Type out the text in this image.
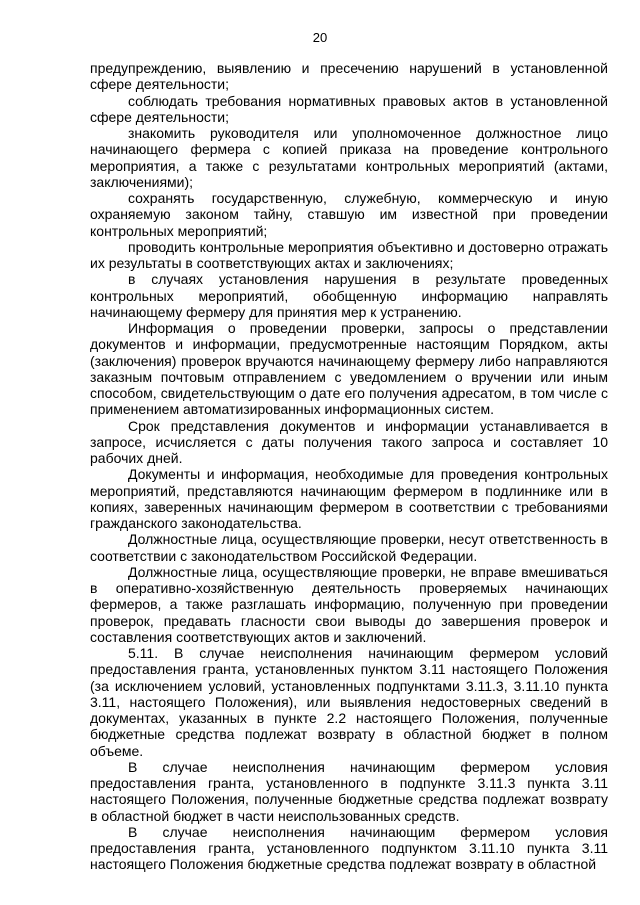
20

предупреждению, выявлению и пресечению нарушений в установленной сфере деятельности;

соблюдать требования нормативных правовых актов в установленной сфере деятельности;

знакомить руководителя или уполномоченное должностное лицо начинающего фермера с копией приказа на проведение контрольного мероприятия, а также с результатами контрольных мероприятий (актами, заключениями);

сохранять государственную, служебную, коммерческую и иную охраняемую законом тайну, ставшую им известной при проведении контрольных мероприятий;

проводить контрольные мероприятия объективно и достоверно отражать их результаты в соответствующих актах и заключениях;

в случаях установления нарушения в результате проведенных контрольных мероприятий, обобщенную информацию направлять начинающему фермеру для принятия мер к устранению.

Информация о проведении проверки, запросы о представлении документов и информации, предусмотренные настоящим Порядком, акты (заключения) проверок вручаются начинающему фермеру либо направляются заказным почтовым отправлением с уведомлением о вручении или иным способом, свидетельствующим о дате его получения адресатом, в том числе с применением автоматизированных информационных систем.

Срок представления документов и информации устанавливается в запросе, исчисляется с даты получения такого запроса и составляет 10 рабочих дней.

Документы и информация, необходимые для проведения контрольных мероприятий, представляются начинающим фермером в подлиннике или в копиях, заверенных начинающим фермером в соответствии с требованиями гражданского законодательства.

Должностные лица, осуществляющие проверки, несут ответственность в соответствии с законодательством Российской Федерации.

Должностные лица, осуществляющие проверки, не вправе вмешиваться в оперативно-хозяйственную деятельность проверяемых начинающих фермеров, а также разглашать информацию, полученную при проведении проверок, предавать гласности свои выводы до завершения проверок и составления соответствующих актов и заключений.

5.11. В случае неисполнения начинающим фермером условий предоставления гранта, установленных пунктом 3.11 настоящего Положения (за исключением условий, установленных подпунктами 3.11.3, 3.11.10 пункта 3.11, настоящего Положения), или выявления недостоверных сведений в документах, указанных в пункте 2.2 настоящего Положения, полученные бюджетные средства подлежат возврату в областной бюджет в полном объеме.

В случае неисполнения начинающим фермером условия предоставления гранта, установленного в подпункте 3.11.3 пункта 3.11 настоящего Положения, полученные бюджетные средства подлежат возврату в областной бюджет в части неиспользованных средств.

В случае неисполнения начинающим фермером условия предоставления гранта, установленного подпунктом 3.11.10 пункта 3.11 настоящего Положения бюджетные средства подлежат возврату в областной
